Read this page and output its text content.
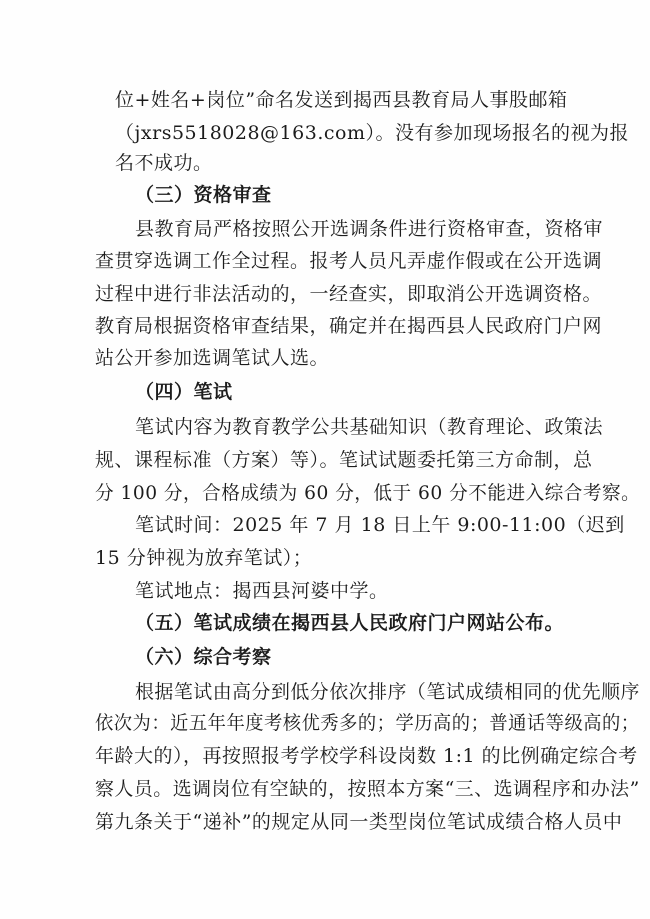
位+姓名+岗位”命名发送到揭西县教育局人事股邮箱
（jxrs5518028@163.com）。没有参加现场报名的视为报
名不成功。
（三）资格审查
县教育局严格按照公开选调条件进行资格审查，资格审
查贯穿选调工作全过程。报考人员凡弄虚作假或在公开选调
过程中进行非法活动的，一经查实，即取消公开选调资格。
教育局根据资格审查结果，确定并在揭西县人民政府门户网
站公开参加选调笔试人选。
（四）笔试
笔试内容为教育教学公共基础知识（教育理论、政策法
规、课程标准（方案）等）。笔试试题委托第三方命制，总
分 100 分，合格成绩为 60 分，低于 60 分不能进入综合考察。
笔试时间：2025 年 7 月 18 日上午 9:00-11:00（迟到
15 分钟视为放弃笔试）；
笔试地点：揭西县河婆中学。
（五）笔试成绩在揭西县人民政府门户网站公布。
（六）综合考察
根据笔试由高分到低分依次排序（笔试成绩相同的优先顺序
依次为：近五年年度考核优秀多的；学历高的；普通话等级高的；
年龄大的），再按照报考学校学科设岗数 1:1 的比例确定综合考
察人员。选调岗位有空缺的，按照本方案“三、选调程序和办法”
第九条关于“递补”的规定从同一类型岗位笔试成绩合格人员中
